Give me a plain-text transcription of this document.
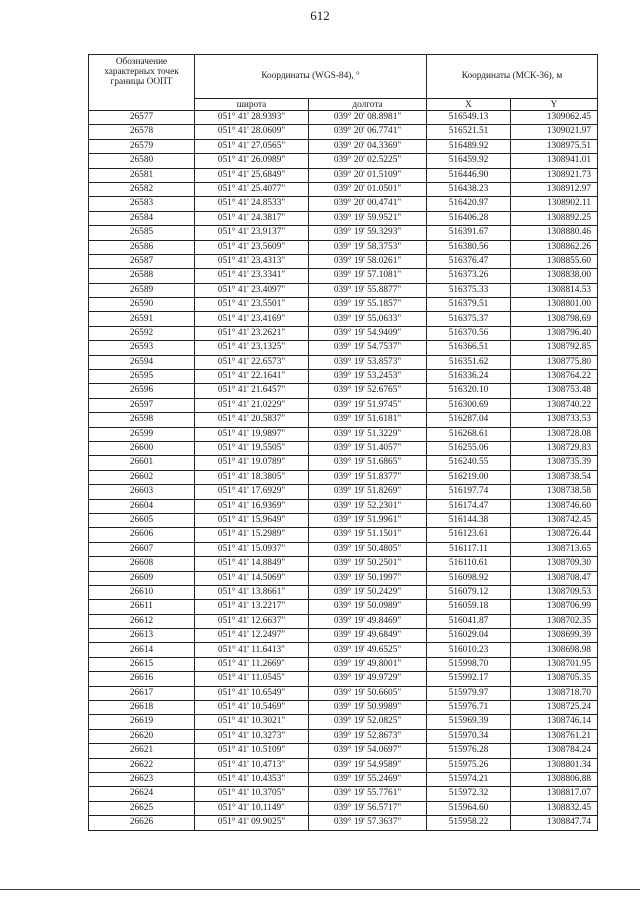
612
Обозначение характерных точек границы ООПТ	Координаты (WGS-84), °		Координаты (МСК-36), м	
	широта	долгота	X	Y
26577	051° 41' 28.9393"	039° 20' 08.8981"	516549.13	1309062.45
26578	051° 41' 28.0609"	039° 20' 06.7741"	516521.51	1309021.97
26579	051° 41' 27.0565"	039° 20' 04.3369"	516489.92	1308975.51
26580	051° 41' 26.0989"	039° 20' 02.5225"	516459.92	1308941.01
26581	051° 41' 25.6849"	039° 20' 01.5109"	516446.90	1308921.73
26582	051° 41' 25.4077"	039° 20' 01.0501"	516438.23	1308912.97
26583	051° 41' 24.8533"	039° 20' 00.4741"	516420.97	1308902.11
26584	051° 41' 24.3817"	039° 19' 59.9521"	516406.28	1308892.25
26585	051° 41' 23.9137"	039° 19' 59.3293"	516391.67	1308880.46
26586	051° 41' 23.5609"	039° 19' 58.3753"	516380.56	1308862.26
26587	051° 41' 23.4313"	039° 19' 58.0261"	516376.47	1308855.60
26588	051° 41' 23.3341"	039° 19' 57.1081"	516373.26	1308838.00
26589	051° 41' 23.4097"	039° 19' 55.8877"	516375.33	1308814.53
26590	051° 41' 23.5501"	039° 19' 55.1857"	516379.51	1308801.00
26591	051° 41' 23.4169"	039° 19' 55.0633"	516375.37	1308798.69
26592	051° 41' 23.2621"	039° 19' 54.9409"	516370.56	1308796.40
26593	051° 41' 23.1325"	039° 19' 54.7537"	516366.51	1308792.85
26594	051° 41' 22.6573"	039° 19' 53.8573"	516351.62	1308775.80
26595	051° 41' 22.1641"	039° 19' 53.2453"	516336.24	1308764.22
26596	051° 41' 21.6457"	039° 19' 52.6765"	516320.10	1308753.48
26597	051° 41' 21.0229"	039° 19' 51.9745"	516300.69	1308740.22
26598	051° 41' 20.5837"	039° 19' 51.6181"	516287.04	1308733.53
26599	051° 41' 19.9897"	039° 19' 51.3229"	516268.61	1308728.08
26600	051° 41' 19.5505"	039° 19' 51.4057"	516255.06	1308729.83
26601	051° 41' 19.0789"	039° 19' 51.6865"	516240.55	1308735.39
26602	051° 41' 18.3805"	039° 19' 51.8377"	516219.00	1308738.54
26603	051° 41' 17.6929"	039° 19' 51.8269"	516197.74	1308738.58
26604	051° 41' 16.9369"	039° 19' 52.2301"	516174.47	1308746.60
26605	051° 41' 15.9649"	039° 19' 51.9961"	516144.38	1308742.45
26606	051° 41' 15.2989"	039° 19' 51.1501"	516123.61	1308726.44
26607	051° 41' 15.0937"	039° 19' 50.4805"	516117.11	1308713.65
26608	051° 41' 14.8849"	039° 19' 50.2501"	516110.61	1308709.30
26609	051° 41' 14.5069"	039° 19' 50.1997"	516098.92	1308708.47
26610	051° 41' 13.8661"	039° 19' 50.2429"	516079.12	1308709.53
26611	051° 41' 13.2217"	039° 19' 50.0989"	516059.18	1308706.99
26612	051° 41' 12.6637"	039° 19' 49.8469"	516041.87	1308702.35
26613	051° 41' 12.2497"	039° 19' 49.6849"	516029.04	1308699.39
26614	051° 41' 11.6413"	039° 19' 49.6525"	516010.23	1308698.98
26615	051° 41' 11.2669"	039° 19' 49.8001"	515998.70	1308701.95
26616	051° 41' 11.0545"	039° 19' 49.9729"	515992.17	1308705.35
26617	051° 41' 10.6549"	039° 19' 50.6605"	515979.97	1308718.70
26618	051° 41' 10.5469"	039° 19' 50.9989"	515976.71	1308725.24
26619	051° 41' 10.3021"	039° 19' 52.0825"	515969.39	1308746.14
26620	051° 41' 10.3273"	039° 19' 52.8673"	515970.34	1308761.21
26621	051° 41' 10.5109"	039° 19' 54.0697"	515976.28	1308784.24
26622	051° 41' 10.4713"	039° 19' 54.9589"	515975.26	1308801.34
26623	051° 41' 10.4353"	039° 19' 55.2469"	515974.21	1308806.88
26624	051° 41' 10.3705"	039° 19' 55.7761"	515972.32	1308817.07
26625	051° 41' 10.1149"	039° 19' 56.5717"	515964.60	1308832.45
26626	051° 41' 09.9025"	039° 19' 57.3637"	515958.22	1308847.74
